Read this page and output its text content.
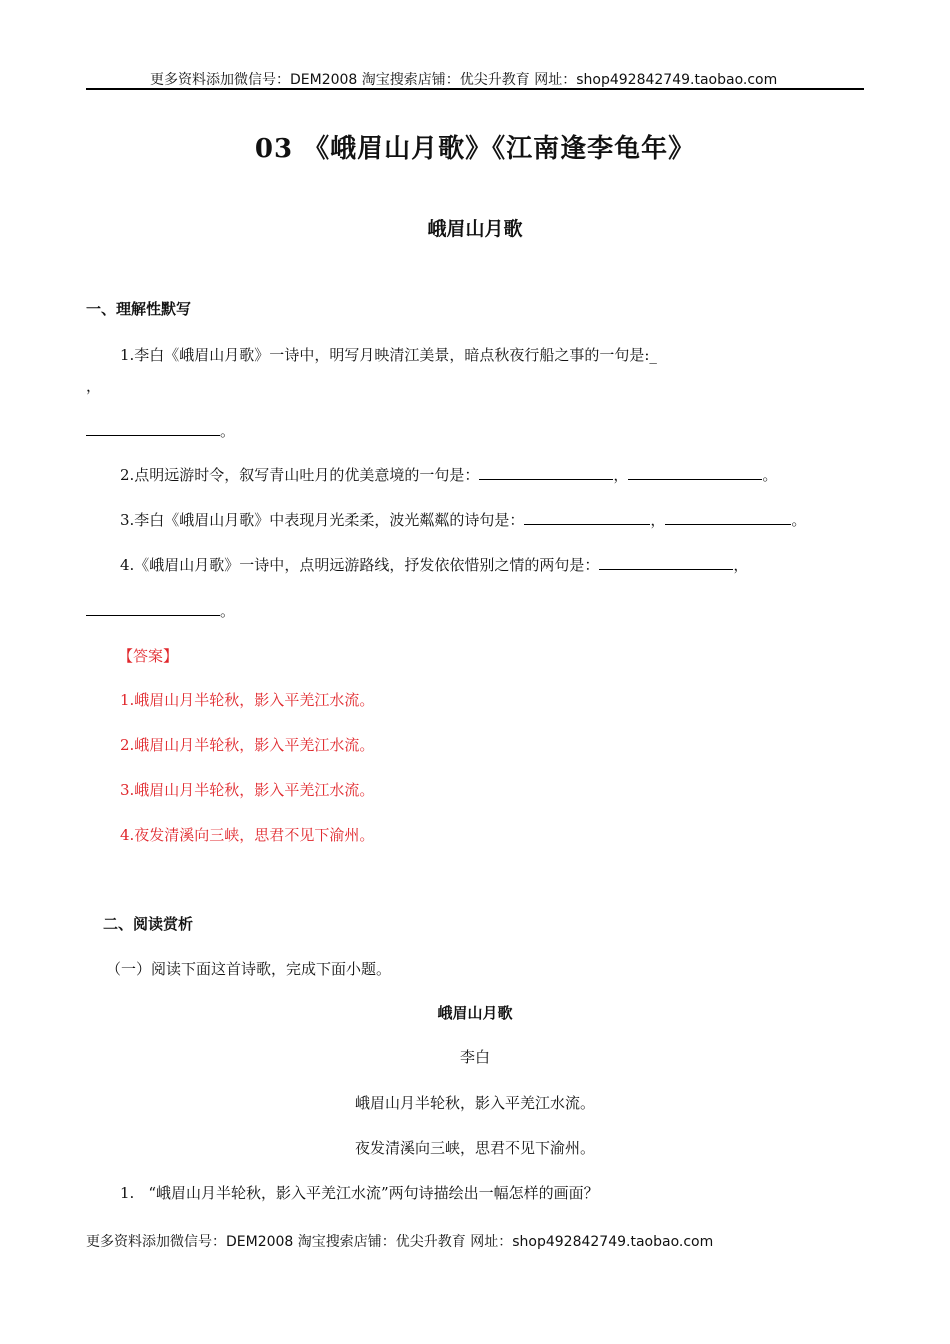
更多资料添加微信号：DEM2008 淘宝搜索店铺：优尖升教育 网址：shop492842749.taobao.com
03 《峨眉山月歌》《江南逢李龟年》
峨眉山月歌
一、理解性默写
1.李白《峨眉山月歌》一诗中，明写月映清江美景，暗点秋夜行船之事的一句是:_
，
。
2.点明远游时令，叙写青山吐月的优美意境的一句是：	，	。
3.李白《峨眉山月歌》中表现月光柔柔，波光粼粼的诗句是：	，	。
4.《峨眉山月歌》一诗中，点明远游路线，抒发依依惜别之情的两句是：	，
。
【答案】
1.峨眉山月半轮秋，影入平羌江水流。
2.峨眉山月半轮秋，影入平羌江水流。
3.峨眉山月半轮秋，影入平羌江水流。
4.夜发清溪向三峡，思君不见下渝州。
二、阅读赏析
（一）阅读下面这首诗歌，完成下面小题。
峨眉山月歌
李白
峨眉山月半轮秋，影入平羌江水流。
夜发清溪向三峡，思君不见下渝州。
1. “峨眉山月半轮秋，影入平羌江水流”两句诗描绘出一幅怎样的画面？
更多资料添加微信号：DEM2008 淘宝搜索店铺：优尖升教育 网址：shop492842749.taobao.com
